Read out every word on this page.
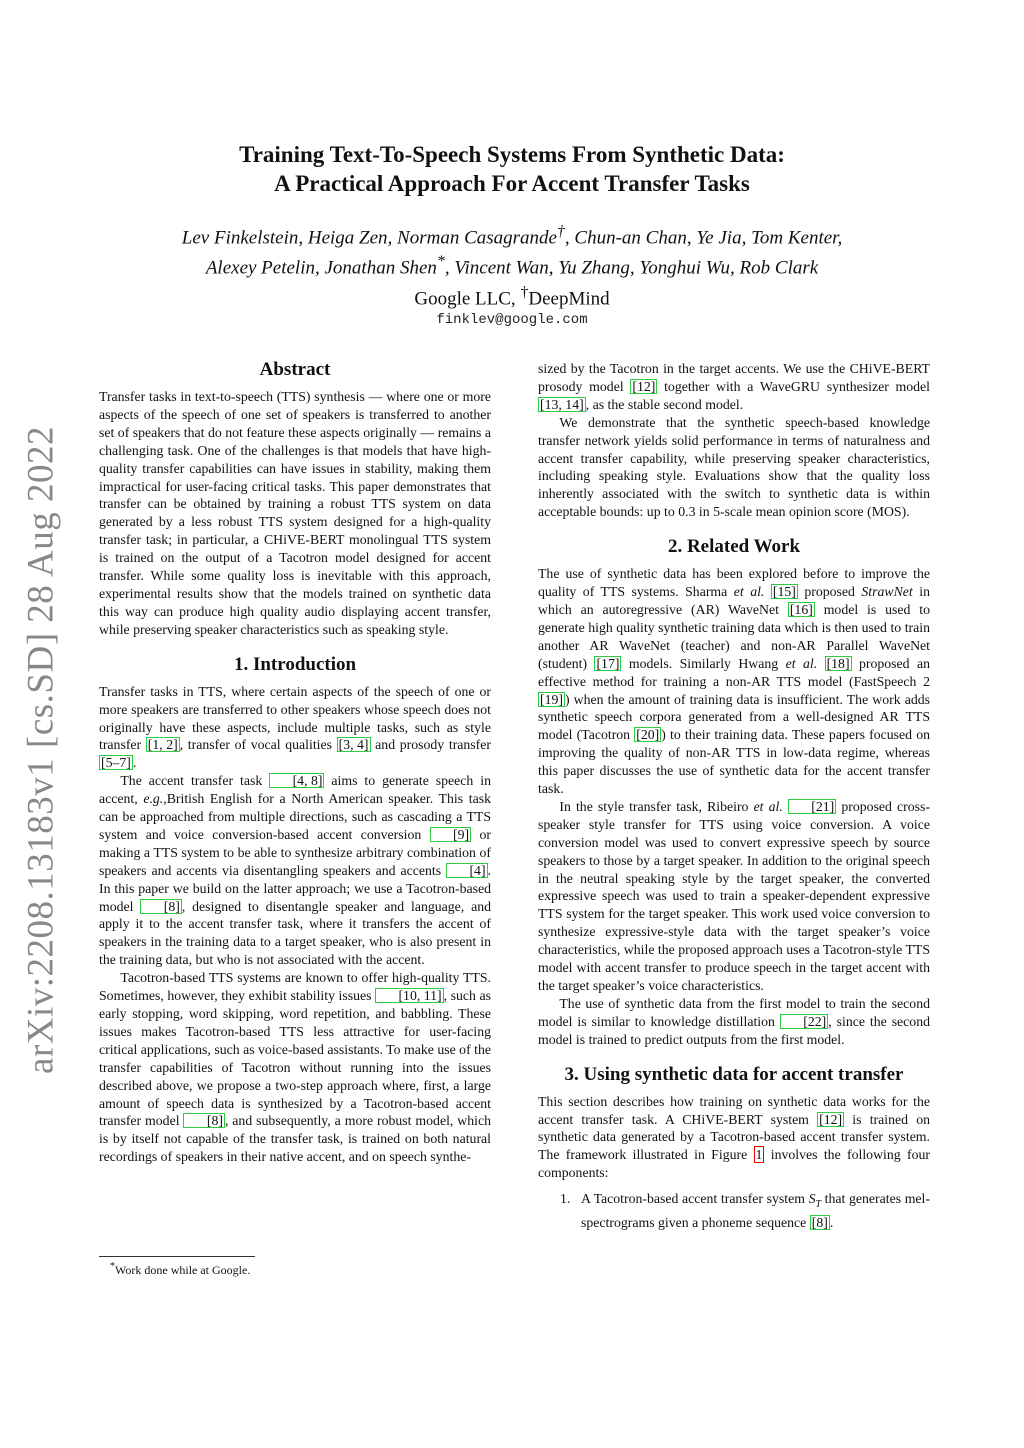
arXiv:2208.13183v1 [cs.SD] 28 Aug 2022
Training Text-To-Speech Systems From Synthetic Data:
A Practical Approach For Accent Transfer Tasks
Lev Finkelstein, Heiga Zen, Norman Casagrande†, Chun-an Chan, Ye Jia, Tom Kenter,
Alexey Petelin, Jonathan Shen*, Vincent Wan, Yu Zhang, Yonghui Wu, Rob Clark
Google LLC, †DeepMind
finklev@google.com
Abstract

Transfer tasks in text-to-speech (TTS) synthesis — where one or more aspects of the speech of one set of speakers is transferred to another set of speakers that do not feature these aspects originally — remains a challenging task. One of the challenges is that models that have high-quality transfer capabilities can have issues in stability, making them impractical for user-facing critical tasks. This paper demonstrates that transfer can be obtained by training a robust TTS system on data generated by a less robust TTS system designed for a high-quality transfer task; in particular, a CHiVE-BERT monolingual TTS system is trained on the output of a Tacotron model designed for accent transfer. While some quality loss is inevitable with this approach, experimental results show that the models trained on synthetic data this way can produce high quality audio displaying accent transfer, while preserving speaker characteristics such as speaking style.

1. Introduction

Transfer tasks in TTS, where certain aspects of the speech of one or more speakers are transferred to other speakers whose speech does not originally have these aspects, include multiple tasks, such as style transfer [1, 2] , transfer of vocal qualities [3, 4] and prosody transfer [5–7] .

The accent transfer task [4, 8] aims to generate speech in accent, e.g.,British English for a North American speaker. This task can be approached from multiple directions, such as cascading a TTS system and voice conversion-based accent conversion [9] or making a TTS system to be able to synthesize arbitrary combination of speakers and accents via disentangling speakers and accents [4] . In this paper we build on the latter approach; we use a Tacotron-based model [8] , designed to disentangle speaker and language, and apply it to the accent transfer task, where it transfers the accent of speakers in the training data to a target speaker, who is also present in the training data, but who is not associated with the accent.

Tacotron-based TTS systems are known to offer high-quality TTS. Sometimes, however, they exhibit stability issues [10, 11] , such as early stopping, word skipping, word repetition, and babbling. These issues makes Tacotron-based TTS less attractive for user-facing critical applications, such as voice-based assistants. To make use of the transfer capabilities of Tacotron without running into the issues described above, we propose a two-step approach where, first, a large amount of speech data is synthesized by a Tacotron-based accent transfer model [8] , and subsequently, a more robust model, which is by itself not capable of the transfer task, is trained on both natural recordings of speakers in their native accent, and on speech synthe-

*Work done while at Google.

sized by the Tacotron in the target accents. We use the CHiVE-BERT prosody model [12] together with a WaveGRU synthesizer model [13, 14] , as the stable second model.

We demonstrate that the synthetic speech-based knowledge transfer network yields solid performance in terms of naturalness and accent transfer capability, while preserving speaker characteristics, including speaking style. Evaluations show that the quality loss inherently associated with the switch to synthetic data is within acceptable bounds: up to 0.3 in 5-scale mean opinion score (MOS).

2. Related Work

The use of synthetic data has been explored before to improve the quality of TTS systems. Sharma et al. [15] proposed StrawNet in which an autoregressive (AR) WaveNet [16] model is used to generate high quality synthetic training data which is then used to train another AR WaveNet (teacher) and non-AR Parallel WaveNet (student) [17] models. Similarly Hwang et al. [18] proposed an effective method for training a non-AR TTS model (FastSpeech 2 [19] ) when the amount of training data is insufficient. The work adds synthetic speech corpora generated from a well-designed AR TTS model (Tacotron [20] ) to their training data. These papers focused on improving the quality of non-AR TTS in low-data regime, whereas this paper discusses the use of synthetic data for the accent transfer task.

In the style transfer task, Ribeiro et al. [21] proposed cross-speaker style transfer for TTS using voice conversion. A voice conversion model was used to convert expressive speech by source speakers to those by a target speaker. In addition to the original speech in the neutral speaking style by the target speaker, the converted expressive speech was used to train a speaker-dependent expressive TTS system for the target speaker. This work used voice conversion to synthesize expressive-style data with the target speaker’s voice characteristics, while the proposed approach uses a Tacotron-style TTS model with accent transfer to produce speech in the target accent with the target speaker’s voice characteristics.

The use of synthetic data from the first model to train the second model is similar to knowledge distillation [22] , since the second model is trained to predict outputs from the first model.

3. Using synthetic data for accent transfer

This section describes how training on synthetic data works for the accent transfer task. A CHiVE-BERT system [12] is trained on synthetic data generated by a Tacotron-based accent transfer system. The framework illustrated in Figure 1 involves the following four components:

1. A Tacotron-based accent transfer system $S_T$ that generates mel-spectrograms given a phoneme sequence [8] .
